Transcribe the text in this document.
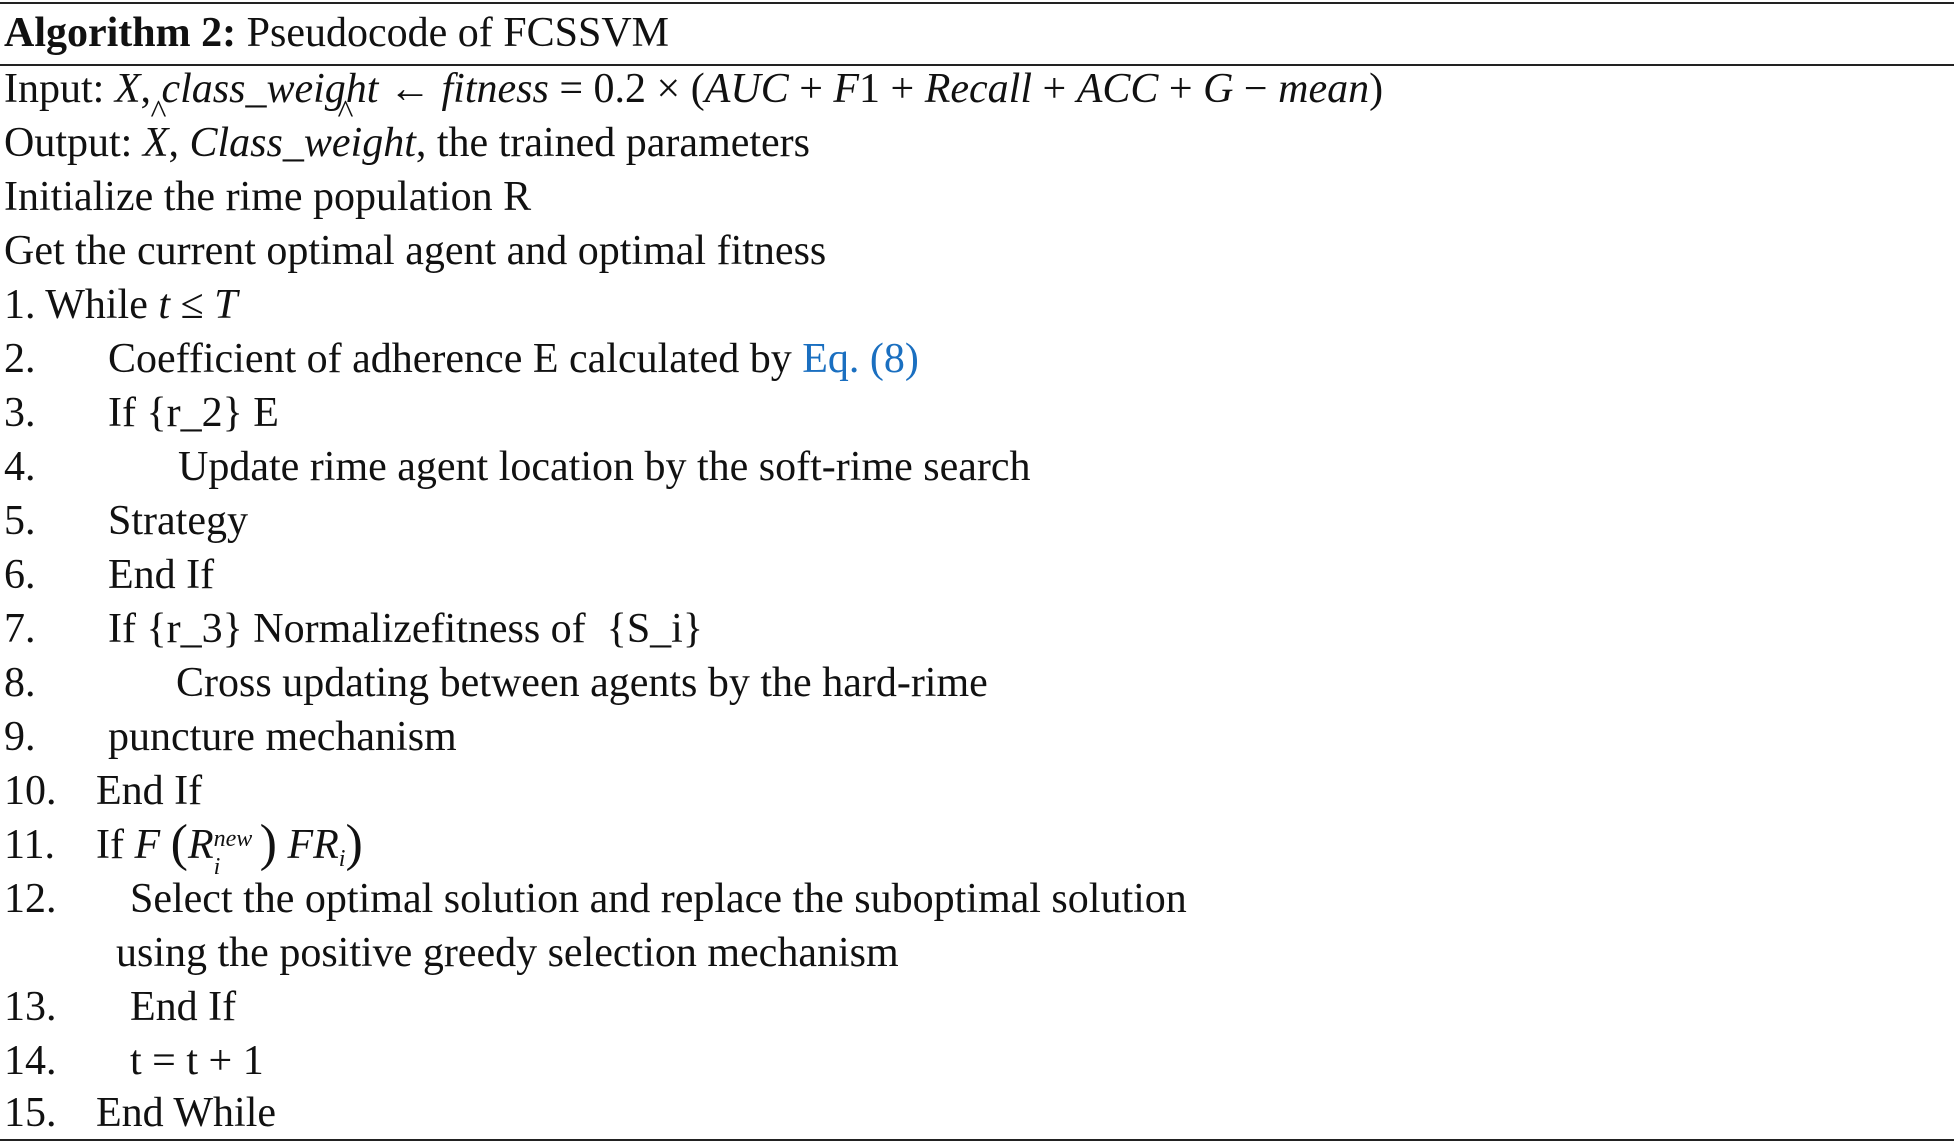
Algorithm 2: Pseudocode of FCSSVM
Input: X, class_weight ← fitness = 0.2 × (AUC + F1 + Recall + ACC + G − mean)
Output: ^ X, Class_^ weight, the trained parameters
Initialize the rime population R
Get the current optimal agent and optimal fitness
1. While t ≤ T
2. Coefficient of adherence E calculated by Eq. (8)
3. If {r_2} E
4.	Update rime agent location by the soft-rime search
5. Strategy
6. End If
7. If {r_3} Normalizefitness of  {S_i}
8.	Cross updating between agents by the hard-rime
9. puncture mechanism
10. End If
11. If F (R new
i ) $FR_i$)
12. Select the optimal solution and replace the suboptimal solution
using the positive greedy selection mechanism
13. End If
14. t = t + 1
15. End While
